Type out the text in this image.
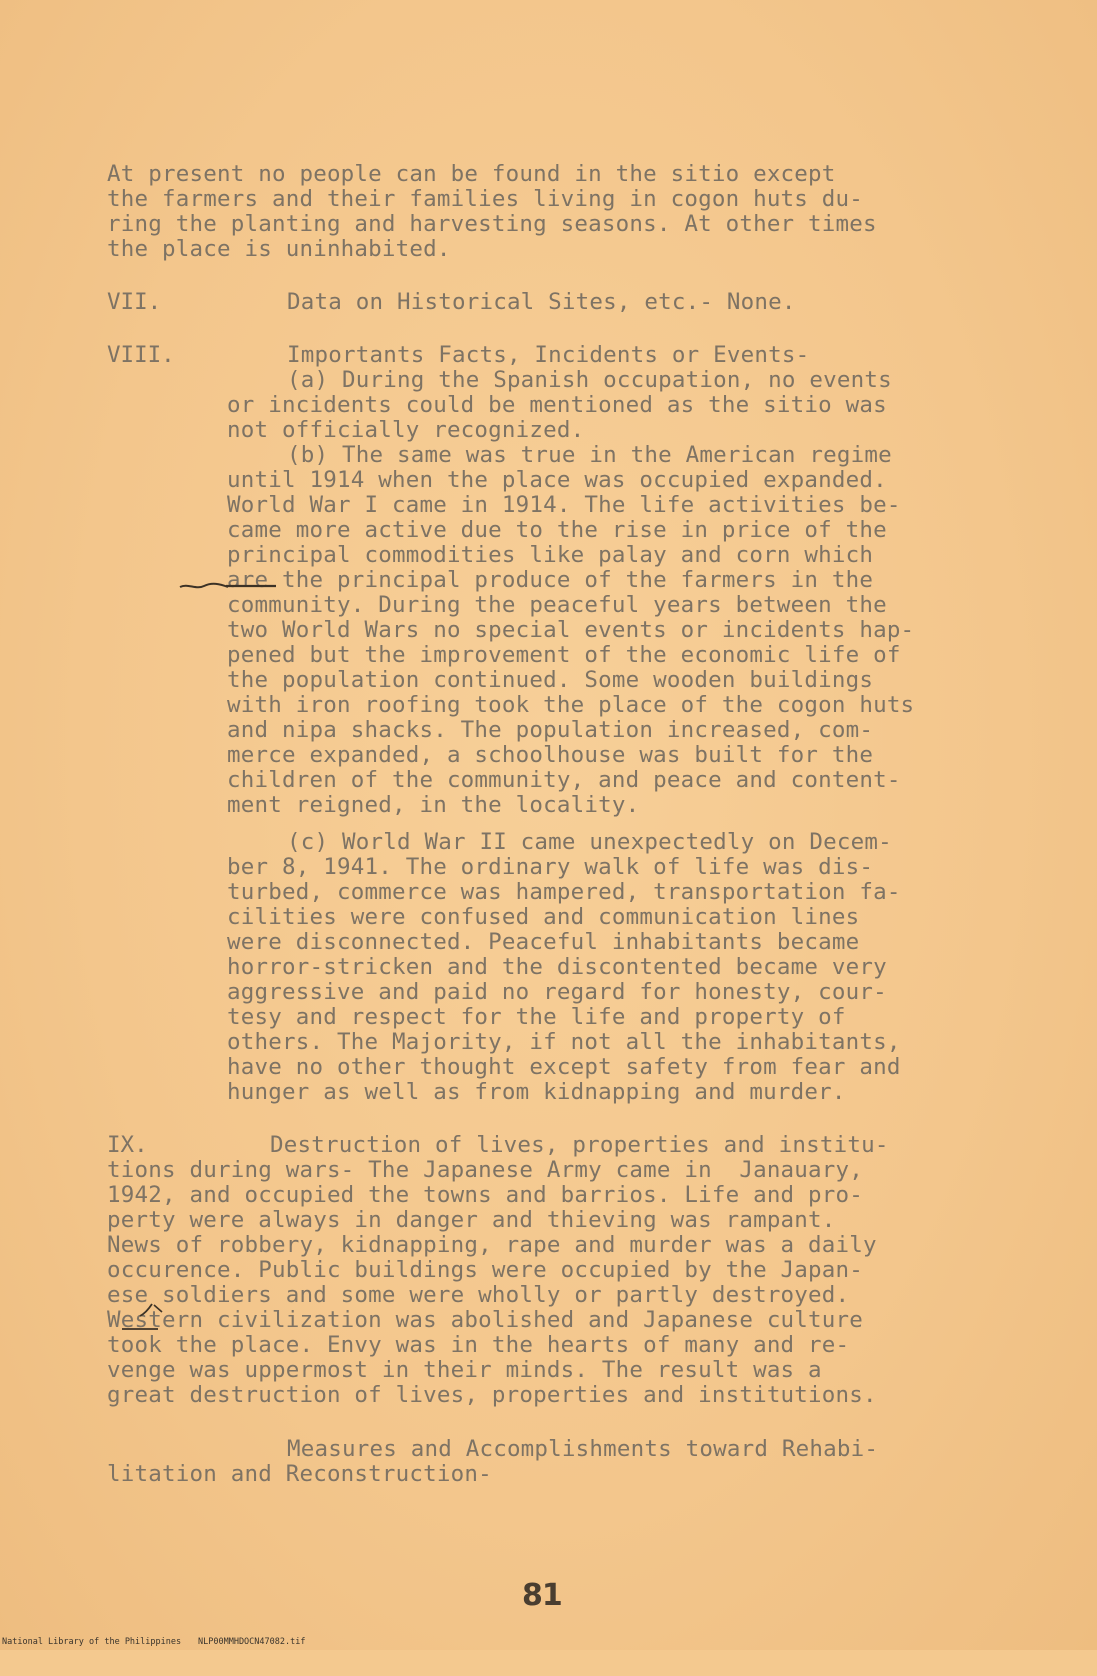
At present no people can be found in the sitio except
the farmers and their families living in cogon huts du-
ring the planting and harvesting seasons. At other times
the place is uninhabited.
VII.	Data on Historical Sites, etc.- None.
VIII.	Importants Facts, Incidents or Events-
(a) During the Spanish occupation, no events
or incidents could be mentioned as the sitio was
not officially recognized.
(b) The same was true in the American regime
until 1914 when the place was occupied expanded.
World War I came in 1914. The life activities be-
came more active due to the rise in price of the
principal commodities like palay and corn which
are the principal produce of the farmers in the
community. During the peaceful years between the
two World Wars no special events or incidents hap-
pened but the improvement of the economic life of
the population continued. Some wooden buildings
with iron roofing took the place of the cogon huts
and nipa shacks. The population increased, com-
merce expanded, a schoolhouse was built for the
children of the community, and peace and content-
ment reigned, in the locality.
(c) World War II came unexpectedly on Decem-
ber 8, 1941. The ordinary walk of life was dis-
turbed, commerce was hampered, transportation fa-
cilities were confused and communication lines
were disconnected. Peaceful inhabitants became
horror-stricken and the discontented became very
aggressive and paid no regard for honesty, cour-
tesy and respect for the life and property of
others. The Majority, if not all the inhabitants,
have no other thought except safety from fear and
hunger as well as from kidnapping and murder.
IX.	Destruction of lives, properties and institu-
tions during wars- The Japanese Army came in  Janauary,
1942, and occupied the towns and barrios. Life and pro-
perty were always in danger and thieving was rampant.
News of robbery, kidnapping, rape and murder was a daily
occurence. Public buildings were occupied by the Japan-
ese soldiers and some were wholly or partly destroyed.
Western civilization was abolished and Japanese culture
took the place. Envy was in the hearts of many and re-
venge was uppermost in their minds. The result was a
great destruction of lives, properties and institutions.
Measures and Accomplishments toward Rehabi-
litation and Reconstruction-
81

National Library of the Philippines

NLP00MMHDOCN47082.tif
